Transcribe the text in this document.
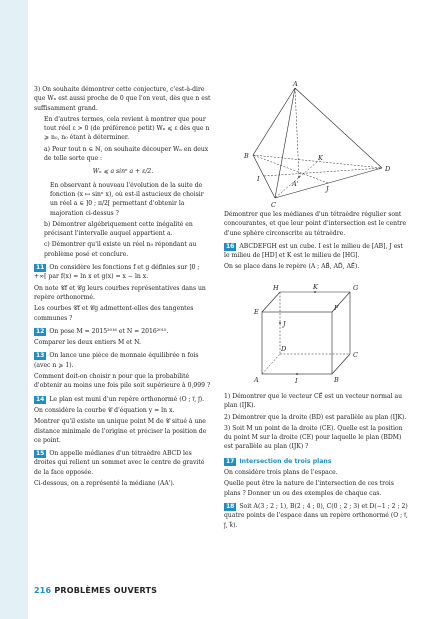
3) On souhaite démontrer cette conjecture, c'est-à-dire que Wₙ est aussi proche de 0 que l'on veut, dès que n est suffisamment grand.

En d'autres termes, cela revient à montrer que pour tout réel ε > 0 (de préférence petit) Wₙ ⩽ ε dès que n ⩾ n₀, n₀ étant à déterminer.

a) Pour tout n ∈ ℕ, on souhaite découper Wₙ en deux de telle sorte que :

Wₙ ⩽ a sinⁿ a + ε/2.

En observant à nouveau l'évolution de la suite de fonction (x ↦ sinⁿ x), où est-il astucieux de choisir un réel a ∈ ]0 ; π/2[ permettant d'obtenir la majoration ci-dessus ?

b) Démontrer algébriquement cette inégalité en précisant l'intervalle auquel appartient a.

c) Démontrer qu'il existe un réel n₀ répondant au problème posé et conclure.

11 On considère les fonctions f et g définies sur ]0 ; +∞[ par f(x) = ln x et g(x) = x − ln x.

On note 𝒞f et 𝒞g leurs courbes représentatives dans un repère orthonormé.

Les courbes 𝒞f et 𝒞g admettent-elles des tangentes communes ?

12 On pose M = 2015²⁰¹⁶ et N = 2016²⁰¹⁵.

Comparer les deux entiers M et N.

13 On lance une pièce de monnaie équilibrée n fois (avec n ⩾ 1).

Comment doit-on choisir n pour que la probabilité d'obtenir au moins une fois pile soit supérieure à 0,999 ?

14 Le plan est muni d'un repère orthonormé (O ; i⃗, j⃗).

On considère la courbe 𝒞 d'équation y = ln x.

Montrer qu'il existe un unique point M de 𝒞 situé à une distance minimale de l'origine et préciser la position de ce point.

15 On appelle médianes d'un tétraèdre ABCD les droites qui relient un sommet avec le centre de gravité de la face opposée.

Ci-dessous, on a représenté la médiane (AA').

A
B
C
D
I
J
K
A'

Démontrer que les médianes d'un tétraèdre régulier sont concourantes, et que leur point d'intersection est le centre d'une sphère circonscrite au tétraèdre.

16 ABCDEFGH est un cube. I est le milieu de [AB], J est le milieu de [HD] et K est le milieu de [HG].

On se place dans le repère (A ; AB⃗, AD⃗, AE⃗).

A	B
C
D
E	F
G
H
I
J
K

1) Démontrer que le vecteur CE⃗ est un vecteur normal au plan (IJK).

2) Démontrer que la droite (BD) est parallèle au plan (IJK).

3) Soit M un point de la droite (CE). Quelle est la position du point M sur la droite (CE) pour laquelle le plan (BDM) est parallèle au plan (IJK) ?

17 Intersection de trois plans

On considère trois plans de l'espace.

Quelle peut être la nature de l'intersection de ces trois plans ? Donner un ou des exemples de chaque cas.

18 Soit A(3 ; 2 ; 1), B(2 ; 4 ; 0), C(0 ; 2 ; 3) et D(−1 ; 2 ; 2) quatre points de l'espace dans un repère orthonormé (O ; i⃗, j⃗, k⃗).

216 PROBLÈMES OUVERTS
